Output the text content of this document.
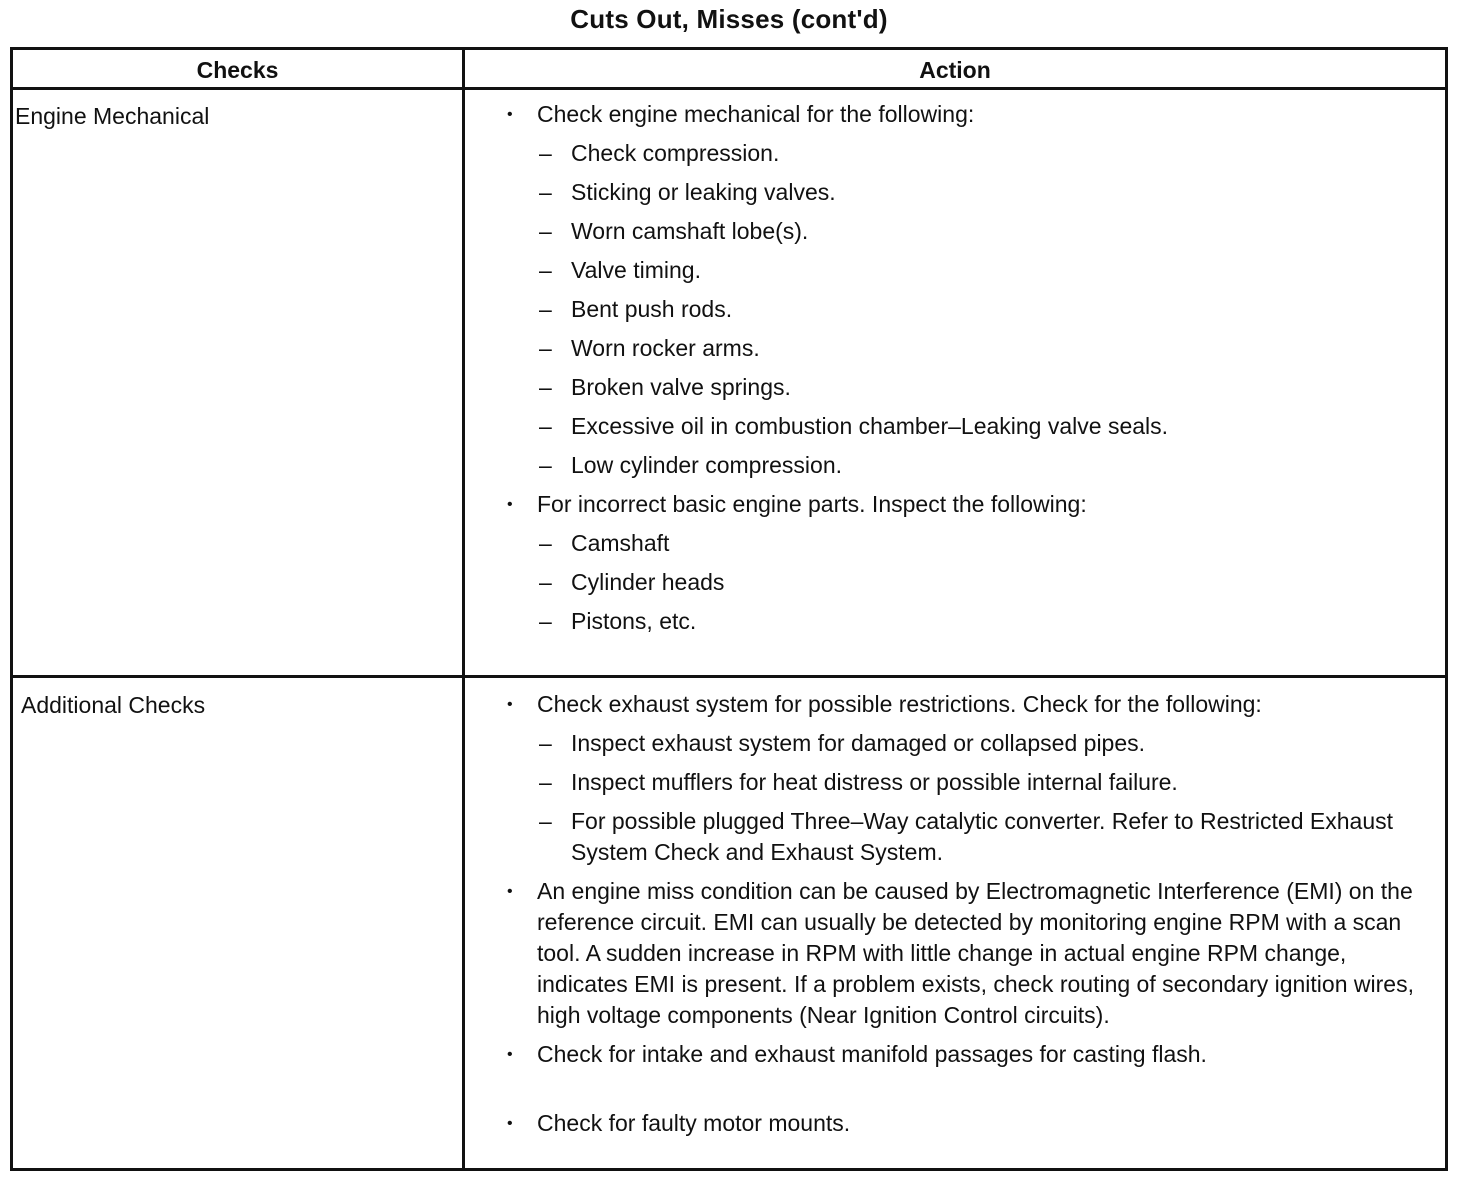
Cuts Out, Misses (cont'd)
Checks	Action
Engine Mechanical	• Check engine mechanical for the following:
– Check compression.
– Sticking or leaking valves.
– Worn camshaft lobe(s).
– Valve timing.
– Bent push rods.
– Worn rocker arms.
– Broken valve springs.
– Excessive oil in combustion chamber–Leaking valve seals.
– Low cylinder compression.
• For incorrect basic engine parts. Inspect the following:
– Camshaft
– Cylinder heads
– Pistons, etc.
Additional Checks	• Check exhaust system for possible restrictions. Check for the following:
– Inspect exhaust system for damaged or collapsed pipes.
– Inspect mufflers for heat distress or possible internal failure.
– For possible plugged Three–Way catalytic converter. Refer to Restricted Exhaust System Check and Exhaust System.
• An engine miss condition can be caused by Electromagnetic Interference (EMI) on the reference circuit. EMI can usually be detected by monitoring engine RPM with a scan tool. A sudden increase in RPM with little change in actual engine RPM change, indicates EMI is present. If a problem exists, check routing of secondary ignition wires, high voltage components (Near Ignition Control circuits).
• Check for intake and exhaust manifold passages for casting flash.
• Check for faulty motor mounts.
